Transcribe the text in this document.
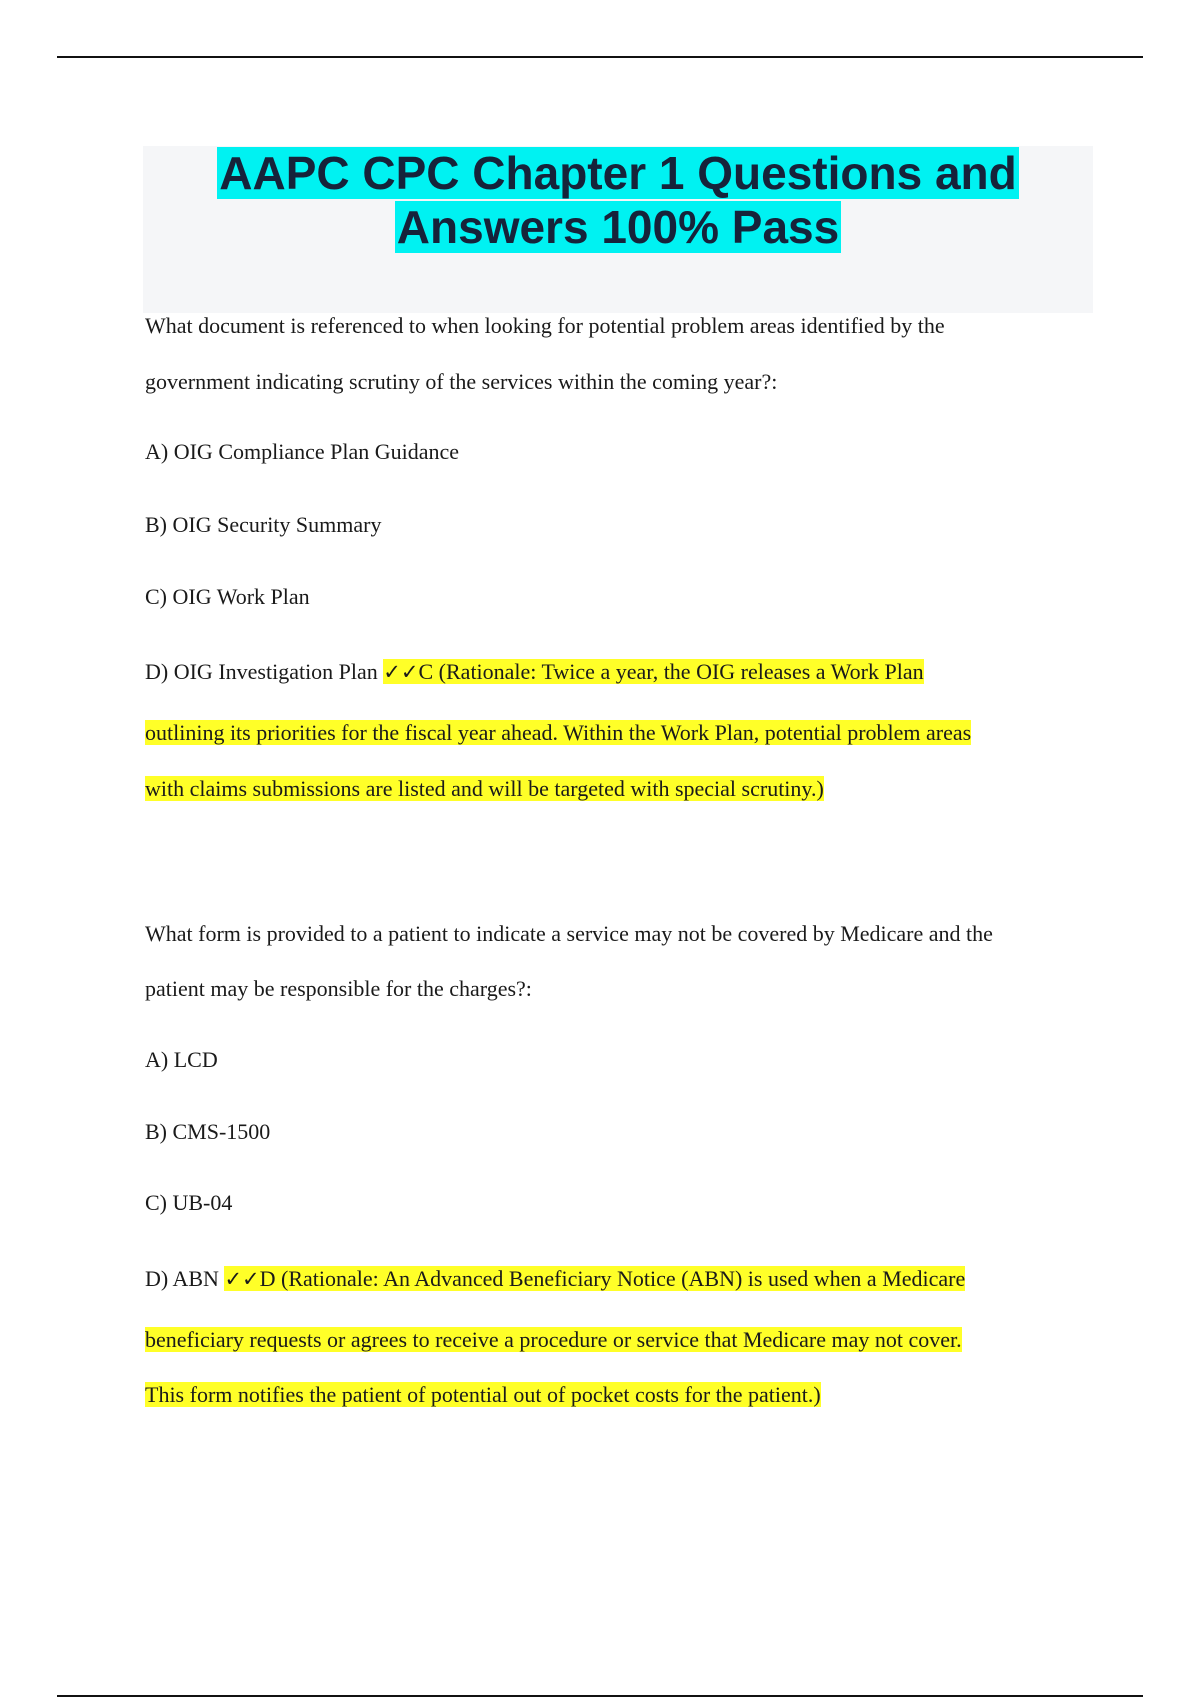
AAPC CPC Chapter 1 Questions and
Answers 100% Pass
What document is referenced to when looking for potential problem areas identified by the
government indicating scrutiny of the services within the coming year?:
A) OIG Compliance Plan Guidance
B) OIG Security Summary
C) OIG Work Plan
D) OIG Investigation Plan ✓✓C (Rationale: Twice a year, the OIG releases a Work Plan
outlining its priorities for the fiscal year ahead. Within the Work Plan, potential problem areas
with claims submissions are listed and will be targeted with special scrutiny.)
What form is provided to a patient to indicate a service may not be covered by Medicare and the
patient may be responsible for the charges?:
A) LCD
B) CMS-1500
C) UB-04
D) ABN ✓✓D (Rationale: An Advanced Beneficiary Notice (ABN) is used when a Medicare
beneficiary requests or agrees to receive a procedure or service that Medicare may not cover.
This form notifies the patient of potential out of pocket costs for the patient.)
